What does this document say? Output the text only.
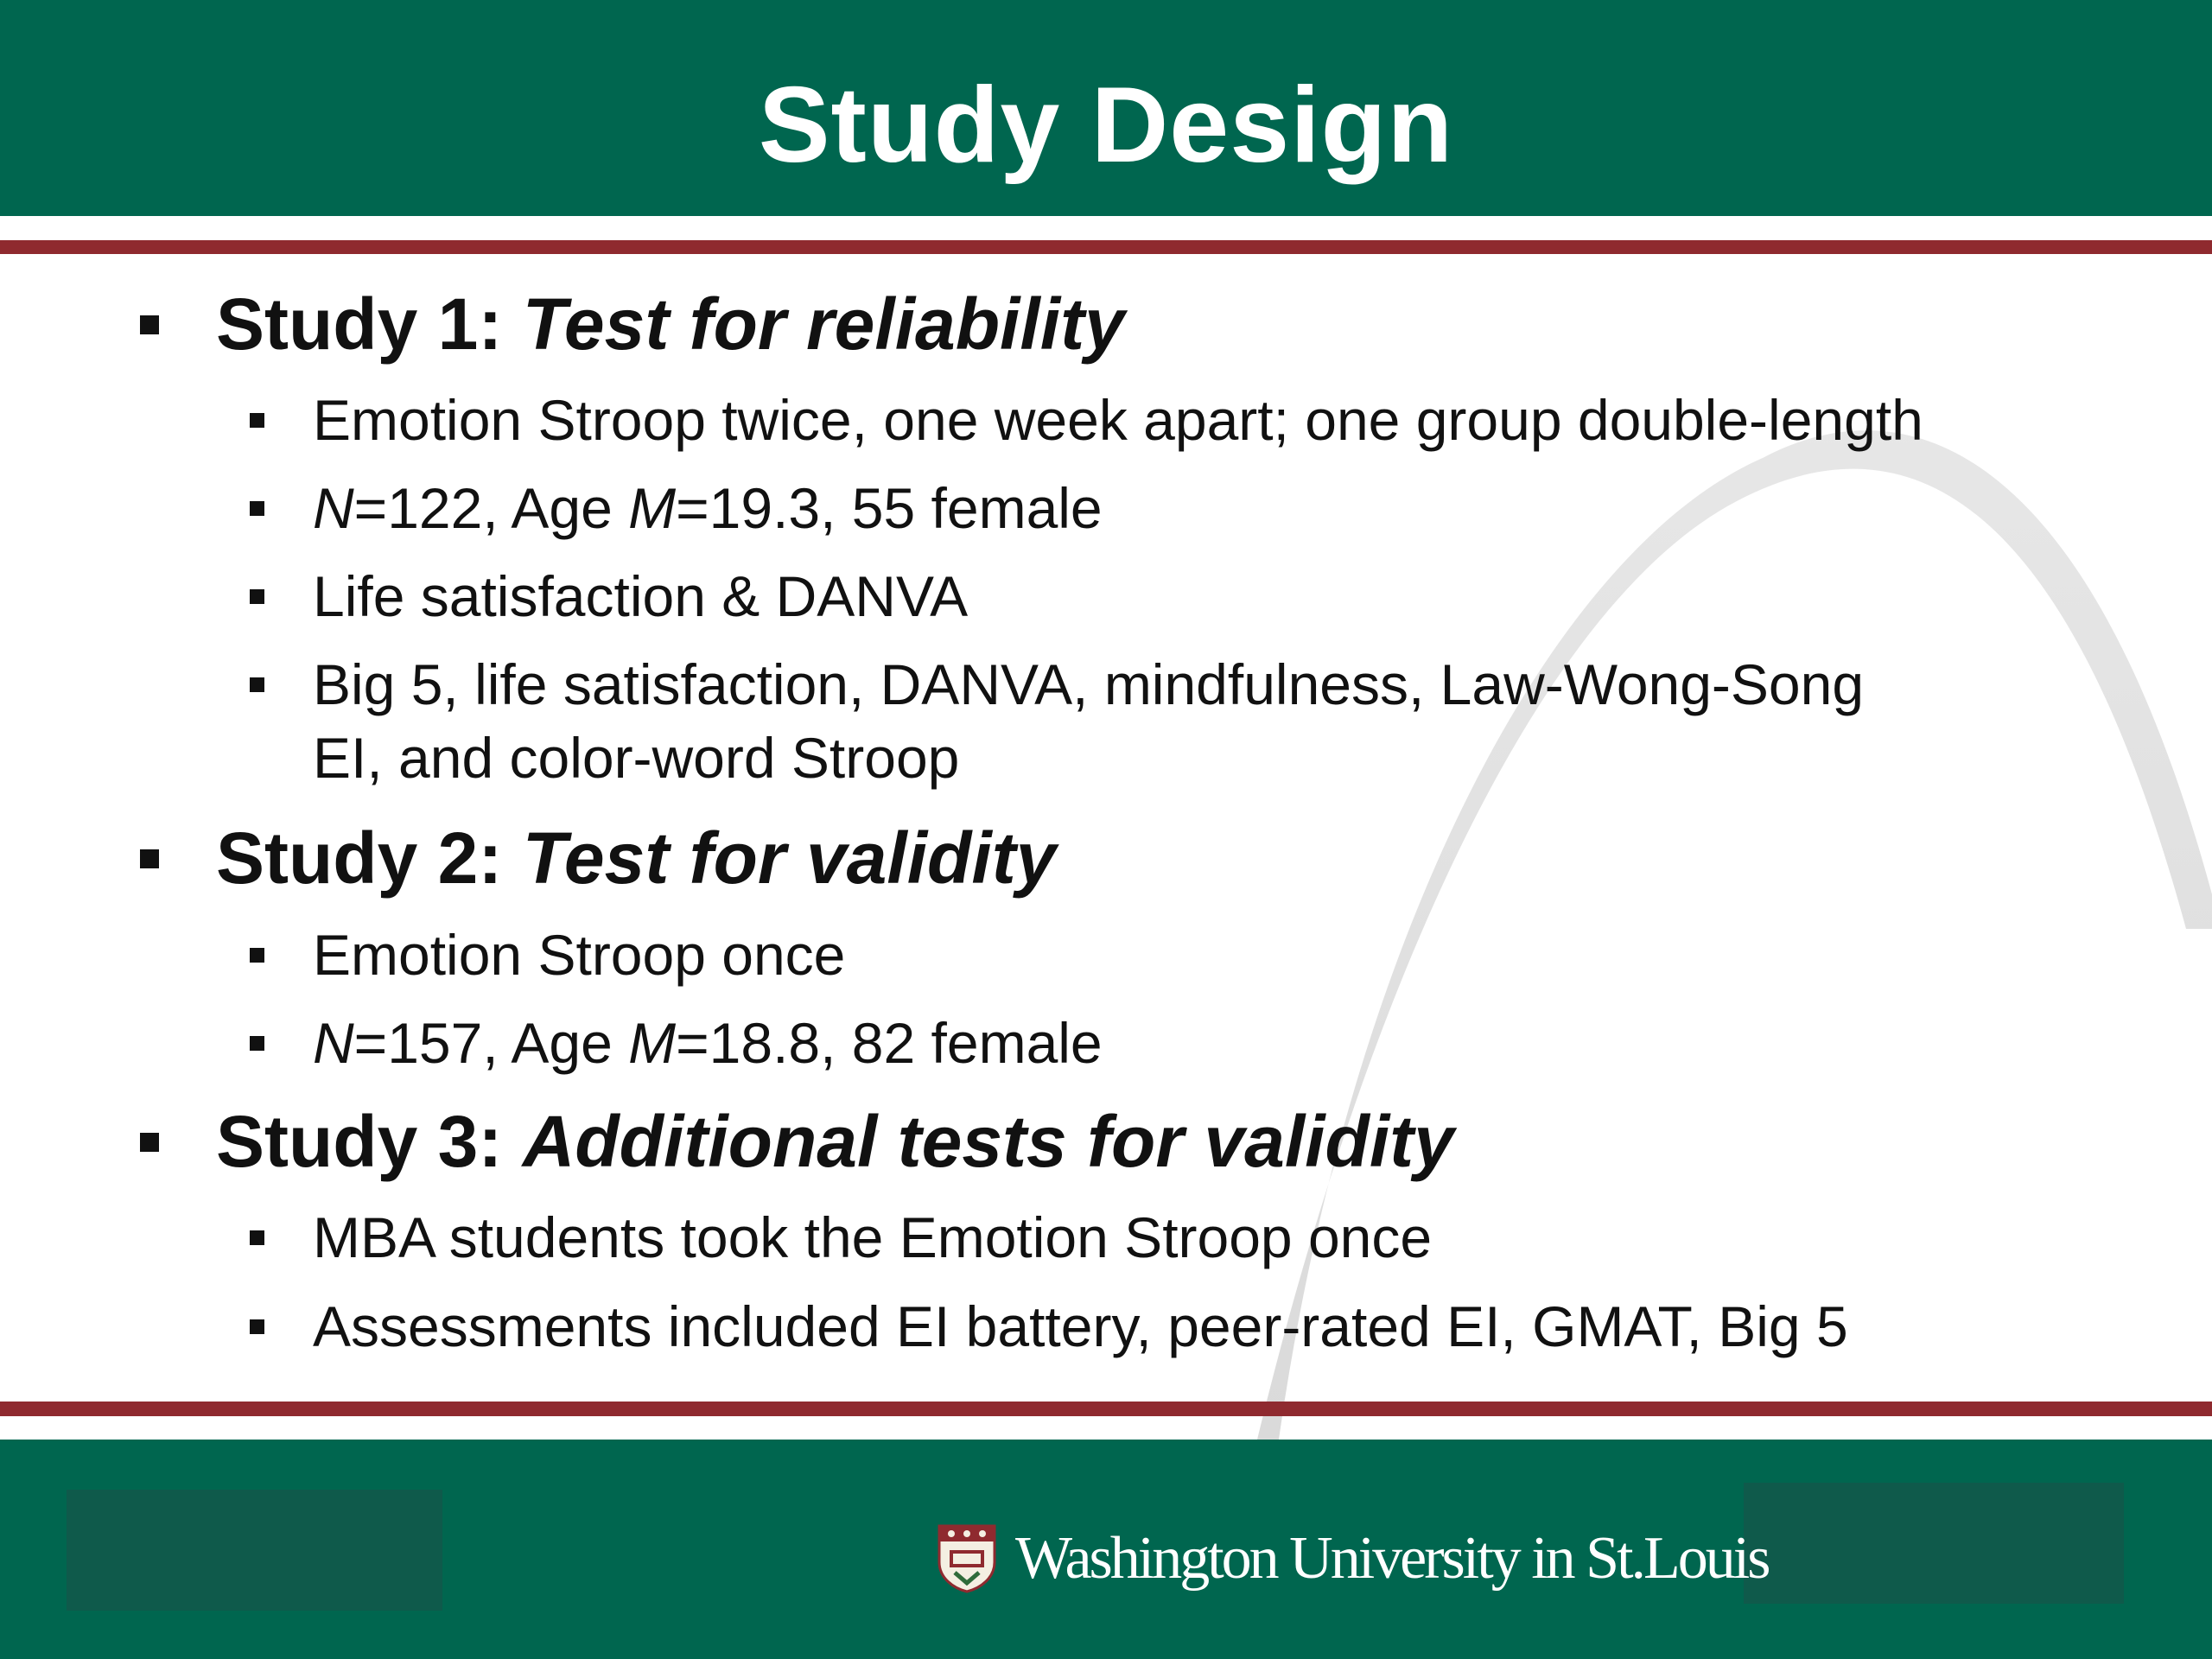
Study Design
Study 1: Test for reliability
Emotion Stroop twice, one week apart; one group double-length
N=122, Age M=19.3, 55 female
Life satisfaction & DANVA
Big 5, life satisfaction, DANVA, mindfulness, Law-Wong-Song
EI, and color-word Stroop
Study 2: Test for validity
Emotion Stroop once
N=157, Age M=18.8, 82 female
Study 3: Additional tests for validity
MBA students took the Emotion Stroop once
Assessments included EI battery, peer-rated EI, GMAT, Big 5
Washington University in St.Louis
